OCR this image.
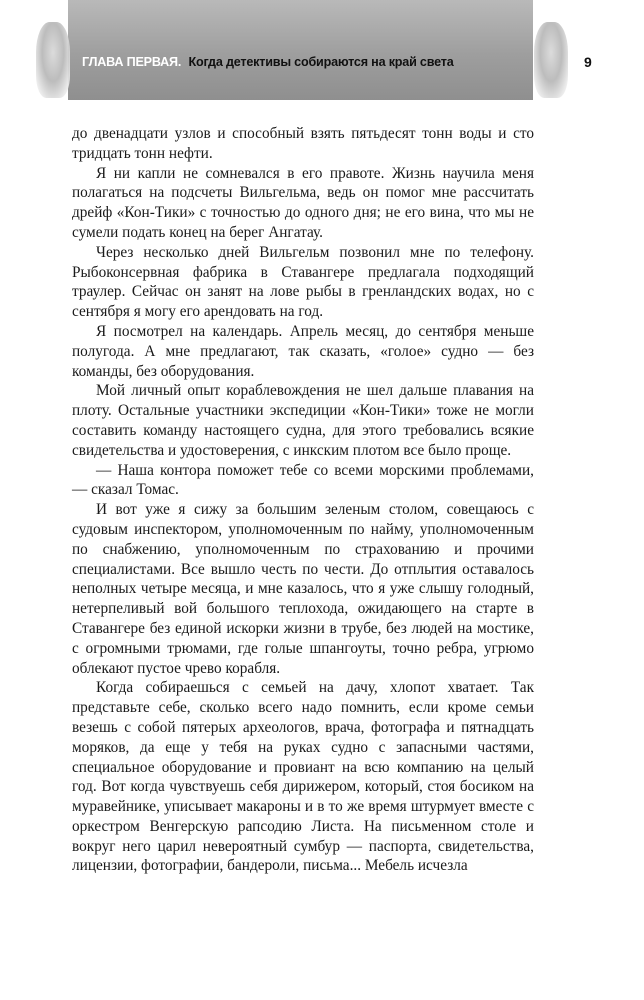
ГЛАВА ПЕРВАЯ. Когда детективы собираются на край света	9

до двенадцати узлов и способный взять пятьдесят тонн воды и сто тридцать тонн нефти.

Я ни капли не сомневался в его правоте. Жизнь научила меня полагаться на подсчеты Вильгельма, ведь он помог мне рассчитать дрейф «Кон-Тики» с точностью до одного дня; не его вина, что мы не сумели подать конец на берег Ангатау.

Через несколько дней Вильгельм позвонил мне по телефону. Рыбоконсервная фабрика в Ставангере предлагала подходящий траулер. Сейчас он занят на лове рыбы в гренландских водах, но с сентября я могу его арендовать на год.

Я посмотрел на календарь. Апрель месяц, до сентября меньше полугода. А мне предлагают, так сказать, «голое» судно — без команды, без оборудования.

Мой личный опыт кораблевождения не шел дальше плавания на плоту. Остальные участники экспедиции «Кон-Тики» тоже не могли составить команду настоящего судна, для этого требовались всякие свидетельства и удостоверения, с инкским плотом все было проще.

— Наша контора поможет тебе со всеми морскими проблемами, — сказал Томас.

И вот уже я сижу за большим зеленым столом, совещаюсь с судовым инспектором, уполномоченным по найму, уполномоченным по снабжению, уполномоченным по страхованию и прочими специалистами. Все вышло честь по чести. До отплытия оставалось неполных четыре месяца, и мне казалось, что я уже слышу голодный, нетерпеливый вой большого теплохода, ожидающего на старте в Ставангере без единой искорки жизни в трубе, без людей на мостике, с огромными трюмами, где голые шпангоуты, точно ребра, угрюмо облекают пустое чрево корабля.

Когда собираешься с семьей на дачу, хлопот хватает. Так представьте себе, сколько всего надо помнить, если кроме семьи везешь с собой пятерых археологов, врача, фотографа и пятнадцать моряков, да еще у тебя на руках судно с запасными частями, специальное оборудование и провиант на всю компанию на целый год. Вот когда чувствуешь себя дирижером, который, стоя босиком на муравейнике, уписывает макароны и в то же время штурмует вместе с оркестром Венгерскую рапсодию Листа. На письменном столе и вокруг него царил невероятный сумбур — паспорта, свидетельства, лицензии, фотографии, бандероли, письма... Мебель исчезла
